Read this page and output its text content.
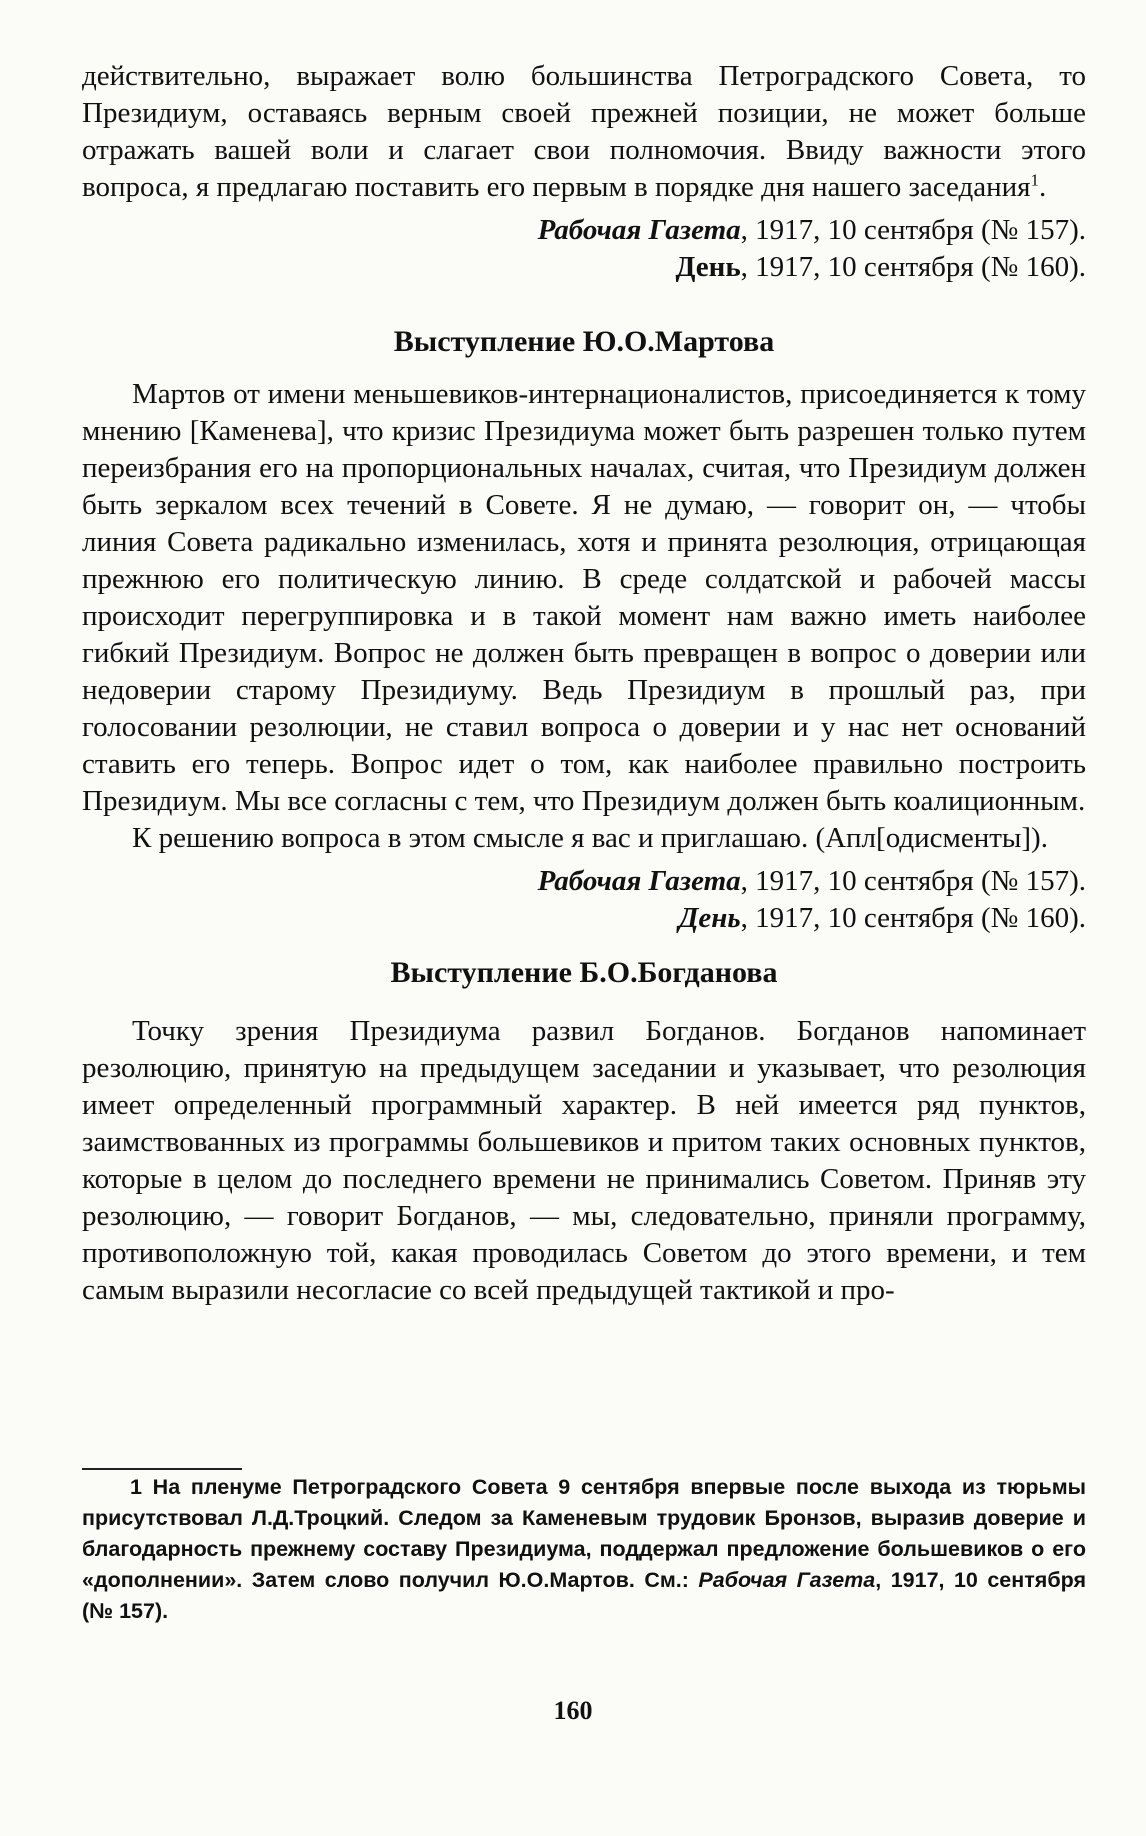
действительно, выражает волю большинства Петроградского Совета, то Президиум, оставаясь верным своей прежней позиции, не может больше отражать вашей воли и слагает свои полномочия. Ввиду важности этого вопроса, я предлагаю поставить его первым в порядке дня нашего заседания$^1$.

Рабочая Газета, 1917, 10 сентября (№ 157).

День, 1917, 10 сентября (№ 160).

Выступление Ю.О.Мартова

Мартов от имени меньшевиков-интернационалистов, присоединяется к тому мнению [Каменева], что кризис Президиума может быть разрешен только путем переизбрания его на пропорциональных началах, считая, что Президиум должен быть зеркалом всех течений в Совете. Я не думаю, — говорит он, — чтобы линия Совета радикально изменилась, хотя и принята резолюция, отрицающая прежнюю его политическую линию. В среде солдатской и рабочей массы происходит перегруппировка и в такой момент нам важно иметь наиболее гибкий Президиум. Вопрос не должен быть превращен в вопрос о доверии или недоверии старому Президиуму. Ведь Президиум в прошлый раз, при голосовании резолюции, не ставил вопроса о доверии и у нас нет оснований ставить его теперь. Вопрос идет о том, как наиболее правильно построить Президиум. Мы все согласны с тем, что Президиум должен быть коалиционным.

К решению вопроса в этом смысле я вас и приглашаю. (Апл[одисменты]).

Рабочая Газета, 1917, 10 сентября (№ 157).

День, 1917, 10 сентября (№ 160).

Выступление Б.О.Богданова

Точку зрения Президиума развил Богданов. Богданов напоминает резолюцию, принятую на предыдущем заседании и указывает, что резолюция имеет определенный программный характер. В ней имеется ряд пунктов, заимствованных из программы большевиков и притом таких основных пунктов, которые в целом до последнего времени не принимались Советом. Приняв эту резолюцию, — говорит Богданов, — мы, следовательно, приняли программу, противоположную той, какая проводилась Советом до этого времени, и тем самым выразили несогласие со всей предыдущей тактикой и про-

1 На пленуме Петроградского Совета 9 сентября впервые после выхода из тюрьмы присутствовал Л.Д.Троцкий. Следом за Каменевым трудовик Бронзов, выразив доверие и благодарность прежнему составу Президиума, поддержал предложение большевиков о его «дополнении». Затем слово получил Ю.О.Мартов. См.: Рабочая Газета, 1917, 10 сентября (№ 157).

160
